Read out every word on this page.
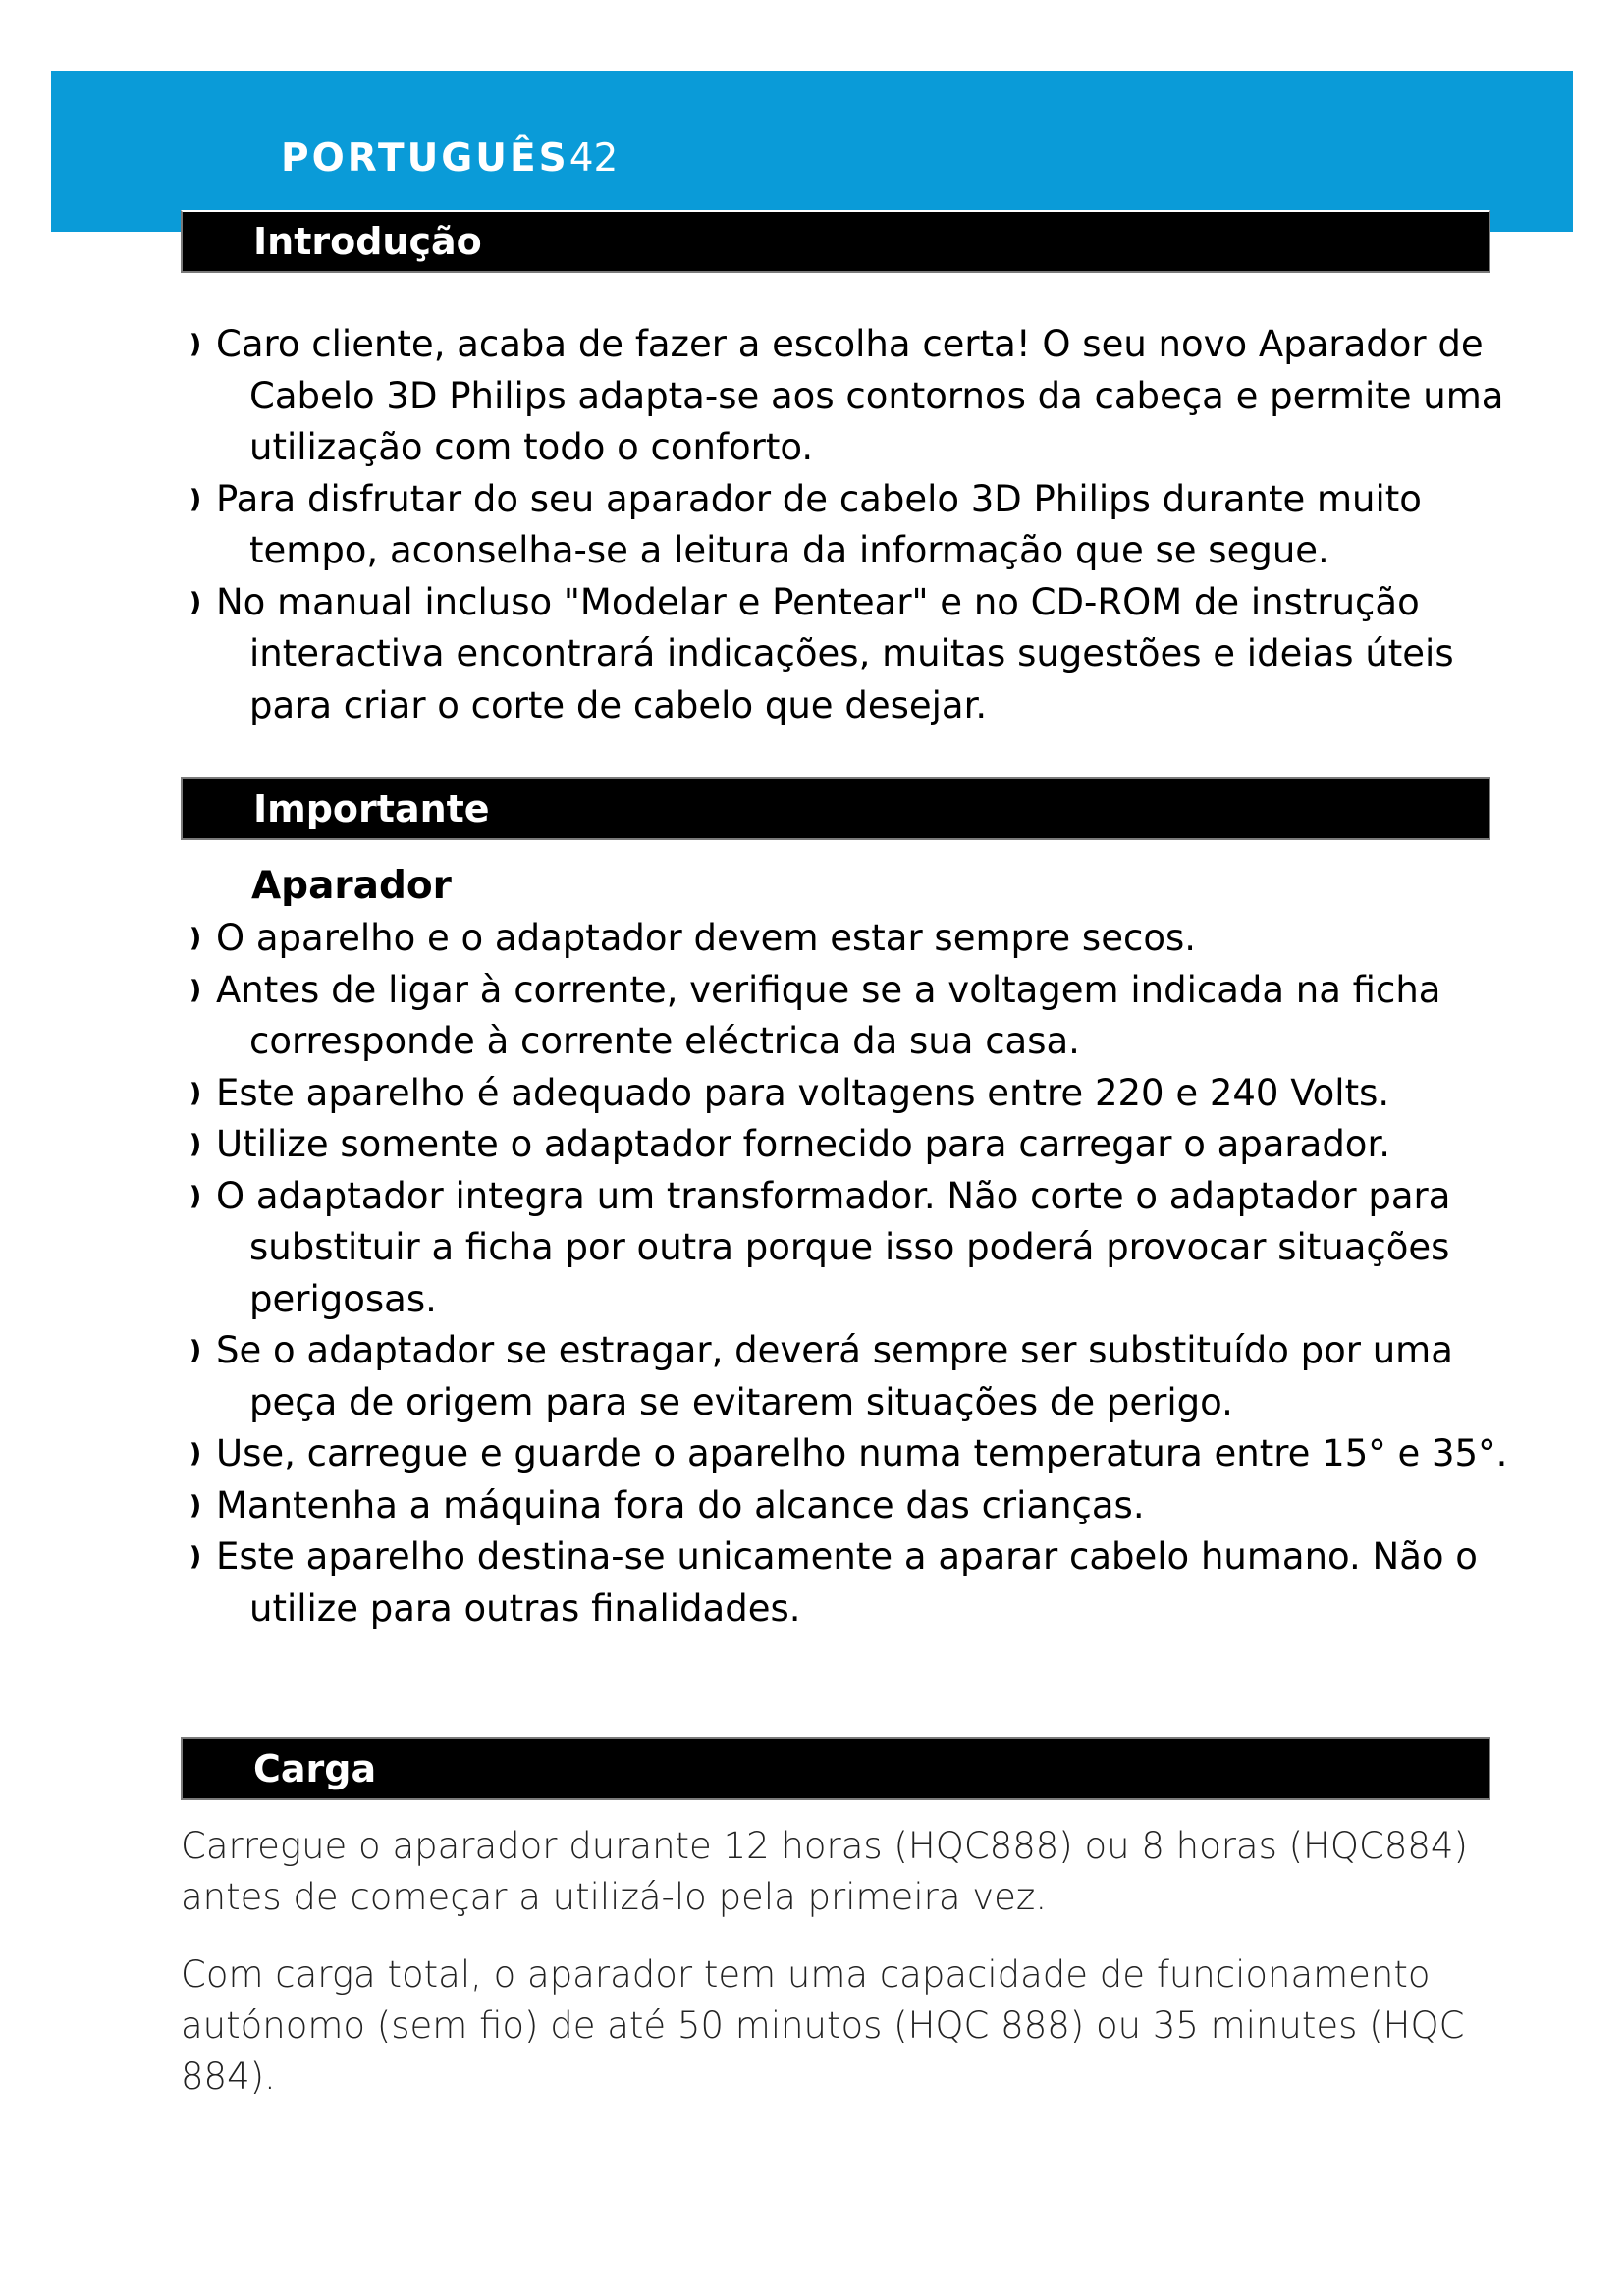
PORTUGUÊS42
Introdução
❫ Caro cliente, acaba de fazer a escolha certa! O seu novo Aparador de Cabelo 3D Philips adapta-se aos contornos da cabeça e permite uma utilização com todo o conforto.
❫ Para disfrutar do seu aparador de cabelo 3D Philips durante muito tempo, aconselha-se a leitura da informação que se segue.
❫ No manual incluso "Modelar e Pentear" e no CD-ROM de instrução interactiva encontrará indicações, muitas sugestões e ideias úteis para criar o corte de cabelo que desejar.
Importante
Aparador
❫ O aparelho e o adaptador devem estar sempre secos.
❫ Antes de ligar à corrente, verifique se a voltagem indicada na ficha corresponde à corrente eléctrica da sua casa.
❫ Este aparelho é adequado para voltagens entre 220 e 240 Volts.
❫ Utilize somente o adaptador fornecido para carregar o aparador.
❫ O adaptador integra um transformador. Não corte o adaptador para substituir a ficha por outra porque isso poderá provocar situações perigosas.
❫ Se o adaptador se estragar, deverá sempre ser substituído por uma peça de origem para se evitarem situações de perigo.
❫ Use, carregue e guarde o aparelho numa temperatura entre 15° e 35°.
❫ Mantenha a máquina fora do alcance das crianças.
❫ Este aparelho destina-se unicamente a aparar cabelo humano. Não o utilize para outras finalidades.
Carga

Carregue o aparador durante 12 horas (HQC888) ou 8 horas (HQC884) antes de começar a utilizá-lo pela primeira vez.

Com carga total, o aparador tem uma capacidade de funcionamento autónomo (sem fio) de até 50 minutos (HQC 888) ou 35 minutes (HQC 884).
